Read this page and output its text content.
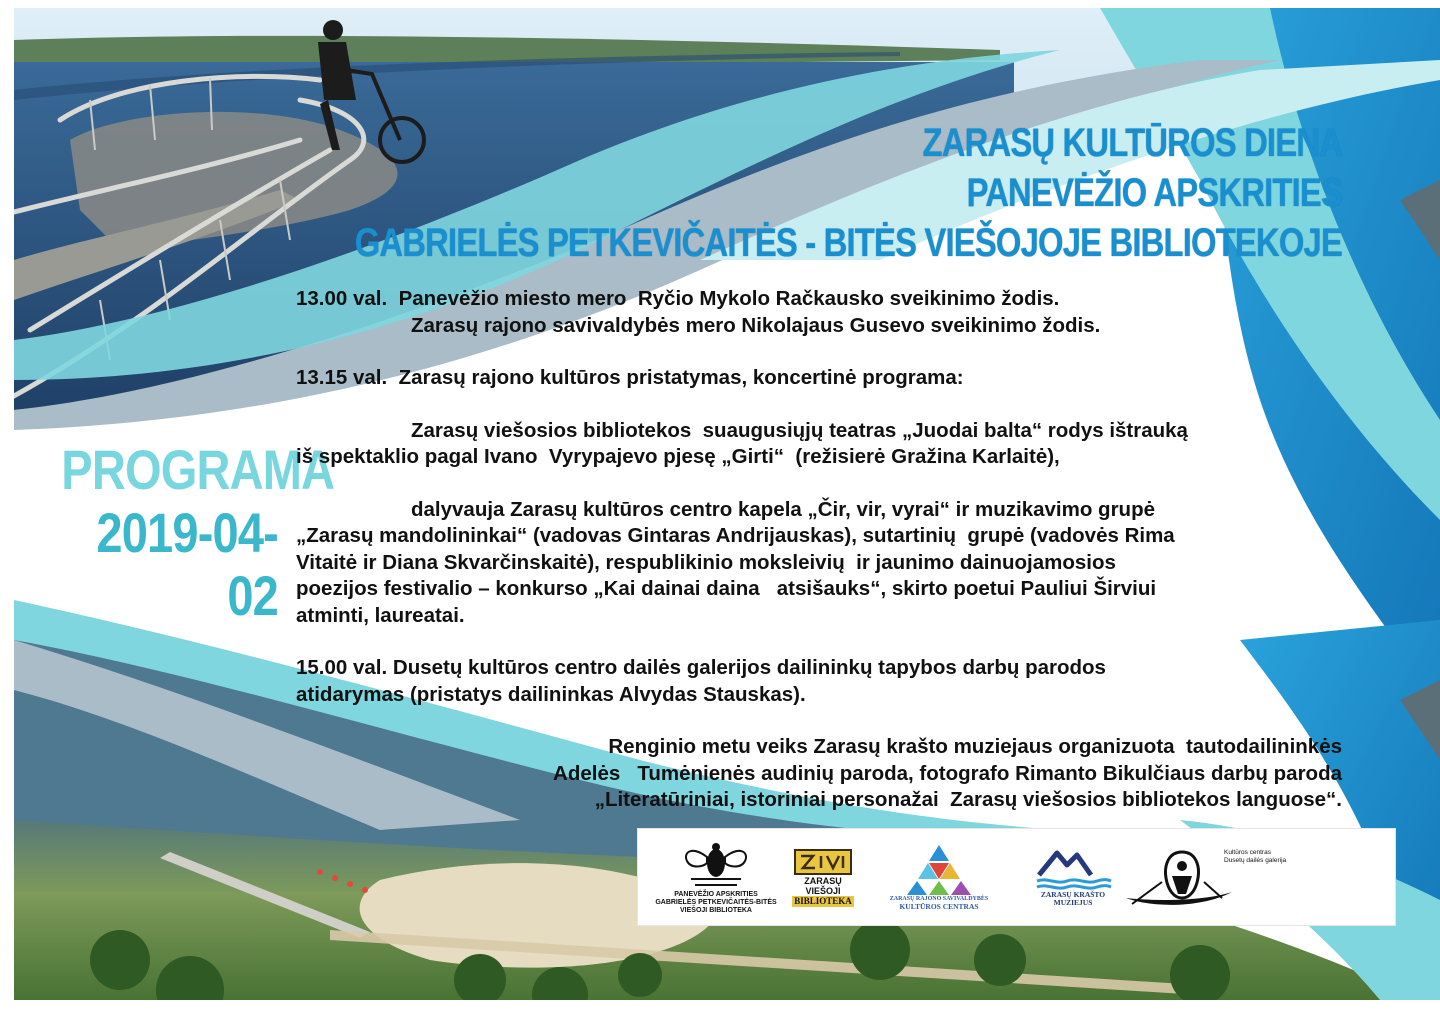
ZARASŲ KULTŪROS DIENA
PANEVĖŽIO APSKRITIES
GABRIELĖS PETKEVIČAITĖS - BITĖS VIEŠOJOJE BIBLIOTEKOJE
PROGRAMA
2019-04-02

13.00 val.  Panevėžio miesto mero  Ryčio Mykolo Račkausko sveikinimo žodis.

Zarasų rajono savivaldybės mero Nikolajaus Gusevo sveikinimo žodis.

13.15 val.  Zarasų rajono kultūros pristatymas, koncertinė programa:

Zarasų viešosios bibliotekos  suaugusiųjų teatras „Juodai balta“ rodys ištrauką

iš spektaklio pagal Ivano  Vyrypajevo pjesę „Girti“  (režisierė Gražina Karlaitė),

dalyvauja Zarasų kultūros centro kapela „Čir, vir, vyrai“ ir muzikavimo grupė

„Zarasų mandolininkai“ (vadovas Gintaras Andrijauskas), sutartinių  grupė (vadovės Rima

Vitaitė ir Diana Skvarčinskaitė), respublikinio moksleivių  ir jaunimo dainuojamosios

poezijos festivalio – konkurso „Kai dainai daina   atsišauks“, skirto poetui Pauliui Širviui

atminti, laureatai.

15.00 val. Dusetų kultūros centro dailės galerijos dailininkų tapybos darbų parodos

atidarymas (pristatys dailininkas Alvydas Stauskas).

Renginio metu veiks Zarasų krašto muziejaus organizuota  tautodailininkės

Adelės   Tumėnienės audinių paroda, fotografo Rimanto Bikulčiaus darbų paroda

„Literatūriniai, istoriniai personažai  Zarasų viešosios bibliotekos languose“.

PANEVĖŽIO APSKRITIES
GABRIELĖS PETKEVIČAITĖS-BITĖS
VIEŠOJI BIBLIOTEKA
ZARASŲ
VIEŠOJI
BIBLIOTEKA	ZARASŲ RAJONO SAVIVALDYBĖS
KULTŪROS CENTRAS
ZARASŲ KRAŠTO
MUZIEJUS
Kultūros centras
Dusetų dailės galerija
